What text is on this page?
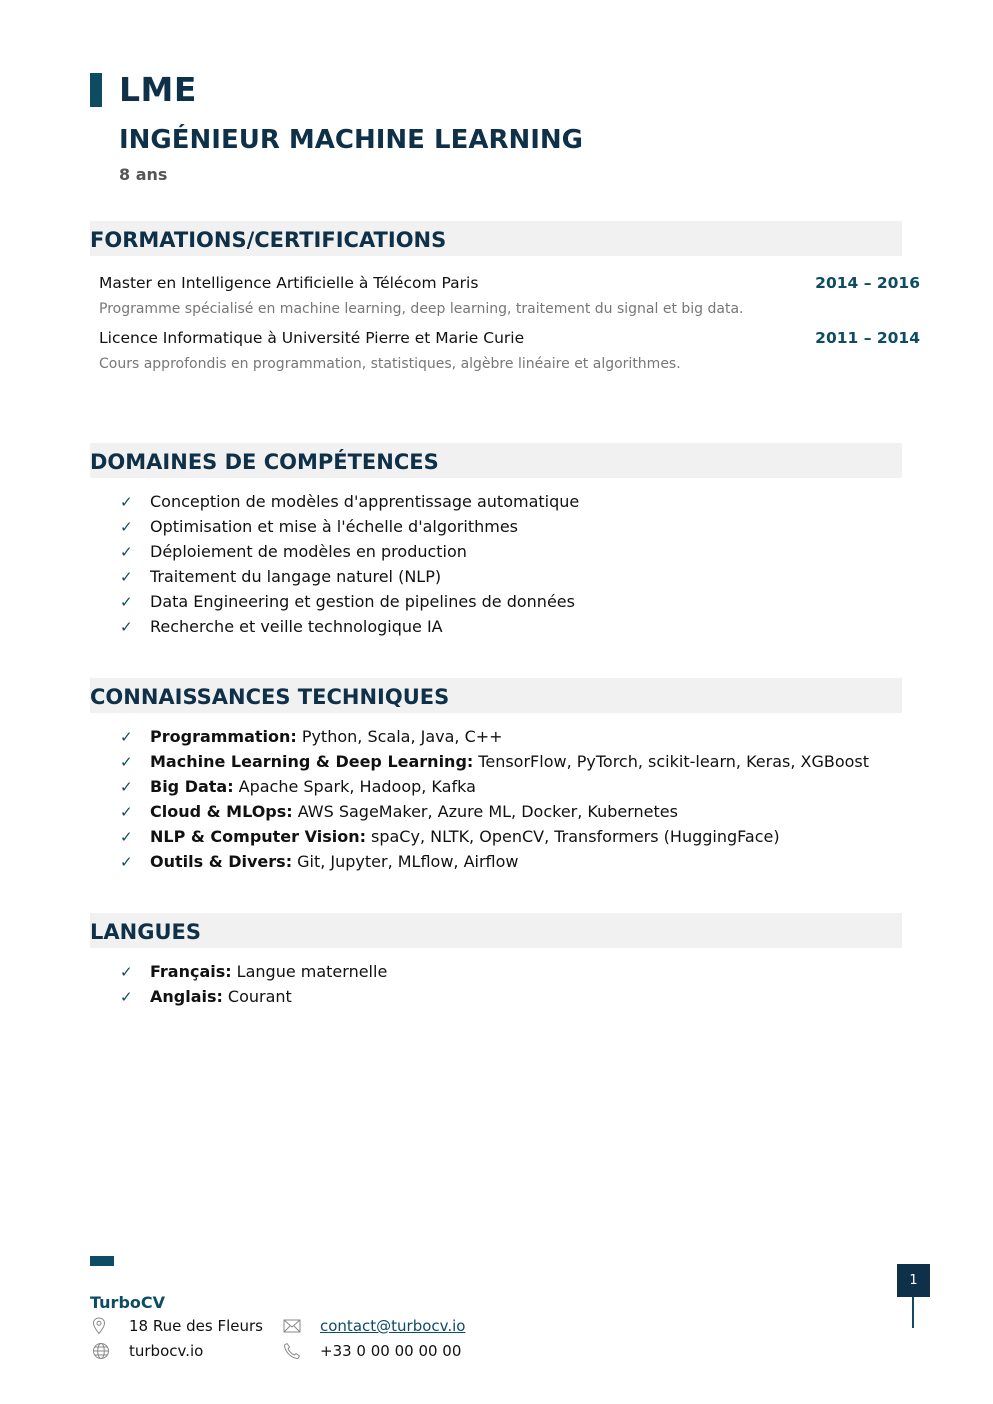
LME
INGÉNIEUR MACHINE LEARNING
8 ans
FORMATIONS/CERTIFICATIONS
Master en Intelligence Artificielle à Télécom Paris	2014 – 2016
Programme spécialisé en machine learning, deep learning, traitement du signal et big data.
Licence Informatique à Université Pierre et Marie Curie	2011 – 2014
Cours approfondis en programmation, statistiques, algèbre linéaire et algorithmes.
DOMAINES DE COMPÉTENCES
✓	Conception de modèles d'apprentissage automatique
✓	Optimisation et mise à l'échelle d'algorithmes
✓	Déploiement de modèles en production
✓	Traitement du langage naturel (NLP)
✓	Data Engineering et gestion de pipelines de données
✓	Recherche et veille technologique IA
CONNAISSANCES TECHNIQUES
✓	Programmation: Python, Scala, Java, C++
✓	Machine Learning & Deep Learning: TensorFlow, PyTorch, scikit-learn, Keras, XGBoost
✓	Big Data: Apache Spark, Hadoop, Kafka
✓	Cloud & MLOps: AWS SageMaker, Azure ML, Docker, Kubernetes
✓	NLP & Computer Vision: spaCy, NLTK, OpenCV, Transformers (HuggingFace)
✓	Outils & Divers: Git, Jupyter, MLflow, Airflow
LANGUES
✓	Français: Langue maternelle
✓	Anglais: Courant
TurboCV
18 Rue des Fleurs
turbocv.io
contact@turbocv.io
+33 0 00 00 00 00
1
